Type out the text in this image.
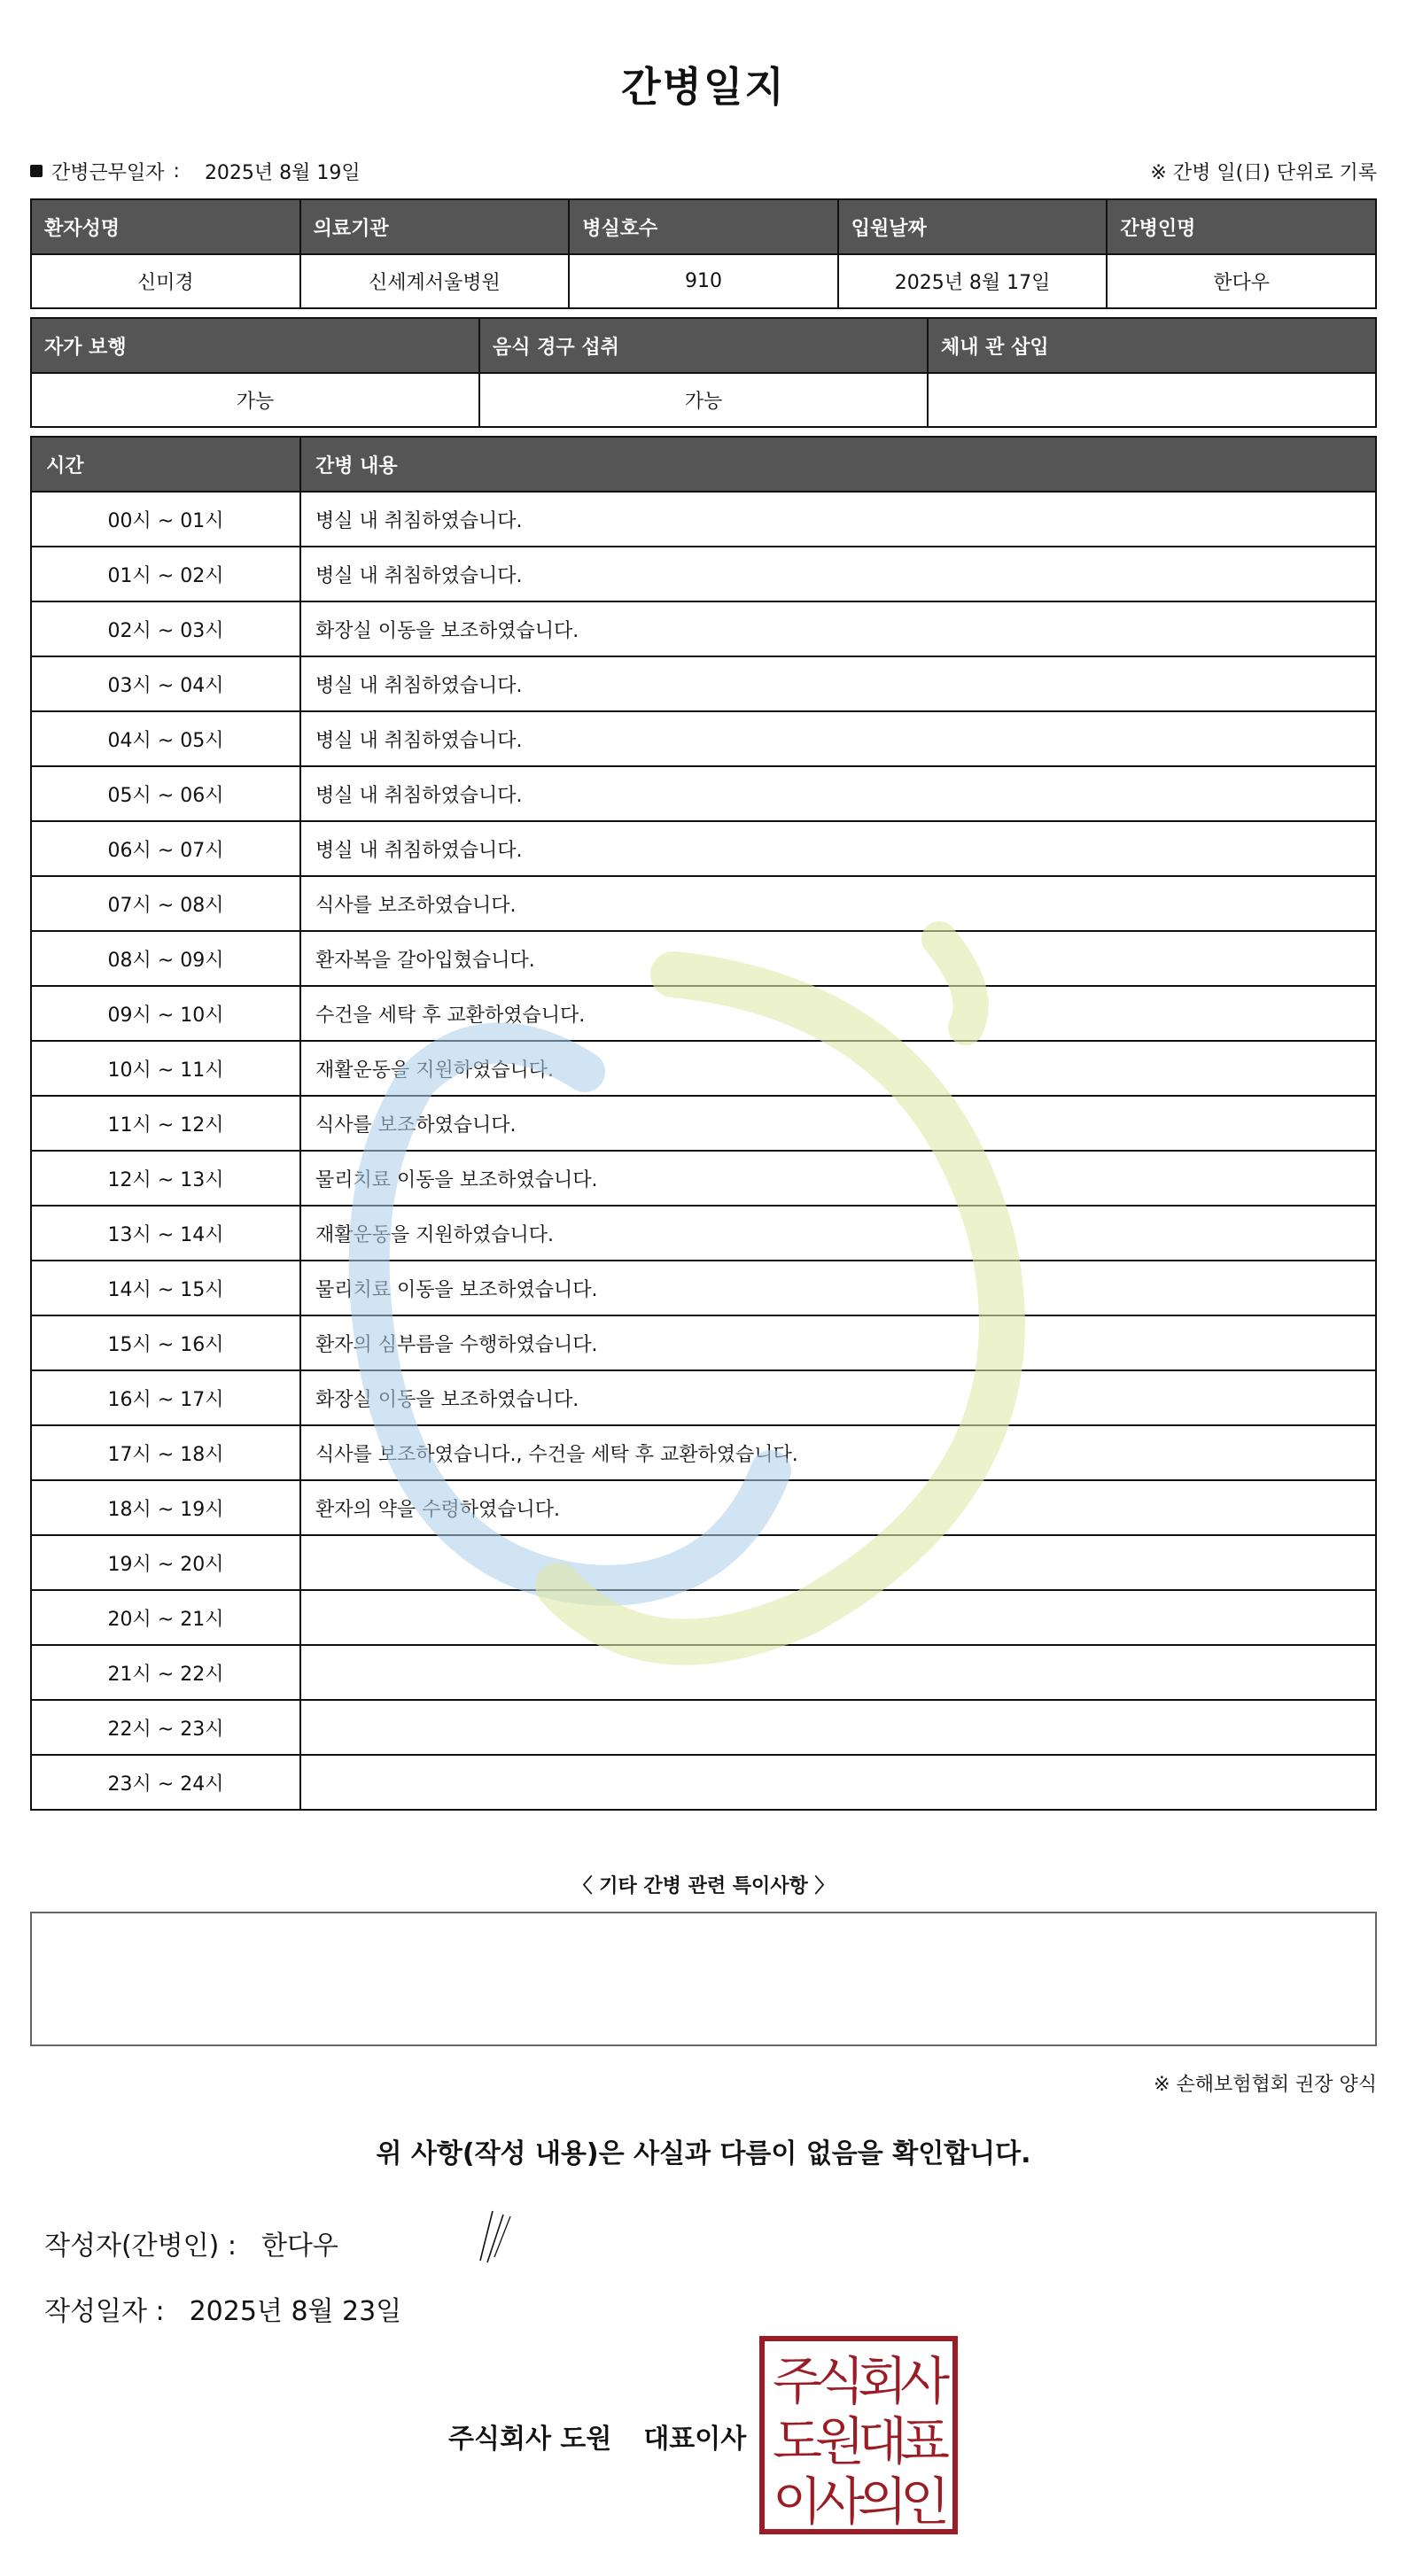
간병일지
간병근무일자 : 2025년 8월 19일	※ 간병 일(日) 단위로 기록
환자성명	의료기관	병실호수	입원날짜	간병인명
신미경	신세계서울병원	910	2025년 8월 17일	한다우
자가 보행	음식 경구 섭취	체내 관 삽입
가능	가능	
시간	간병 내용
00시 ~ 01시	병실 내 취침하였습니다.
01시 ~ 02시	병실 내 취침하였습니다.
02시 ~ 03시	화장실 이동을 보조하였습니다.
03시 ~ 04시	병실 내 취침하였습니다.
04시 ~ 05시	병실 내 취침하였습니다.
05시 ~ 06시	병실 내 취침하였습니다.
06시 ~ 07시	병실 내 취침하였습니다.
07시 ~ 08시	식사를 보조하였습니다.
08시 ~ 09시	환자복을 갈아입혔습니다.
09시 ~ 10시	수건을 세탁 후 교환하였습니다.
10시 ~ 11시	재활운동을 지원하였습니다.
11시 ~ 12시	식사를 보조하였습니다.
12시 ~ 13시	물리치료 이동을 보조하였습니다.
13시 ~ 14시	재활운동을 지원하였습니다.
14시 ~ 15시	물리치료 이동을 보조하였습니다.
15시 ~ 16시	환자의 심부름을 수행하였습니다.
16시 ~ 17시	화장실 이동을 보조하였습니다.
17시 ~ 18시	식사를 보조하였습니다., 수건을 세탁 후 교환하였습니다.
18시 ~ 19시	환자의 약을 수령하였습니다.
19시 ~ 20시	
20시 ~ 21시	
21시 ~ 22시	
22시 ~ 23시	
23시 ~ 24시	
〈 기타 간병 관련 특이사항 〉
※ 손해보험협회 권장 양식
위 사항(작성 내용)은 사실과 다름이 없음을 확인합니다.
작성자(간병인) : 한다우
작성일자 : 2025년 8월 23일
주식회사 도원 대표이사
주
식
회
사
도
원
대
표
이
사
의
인
